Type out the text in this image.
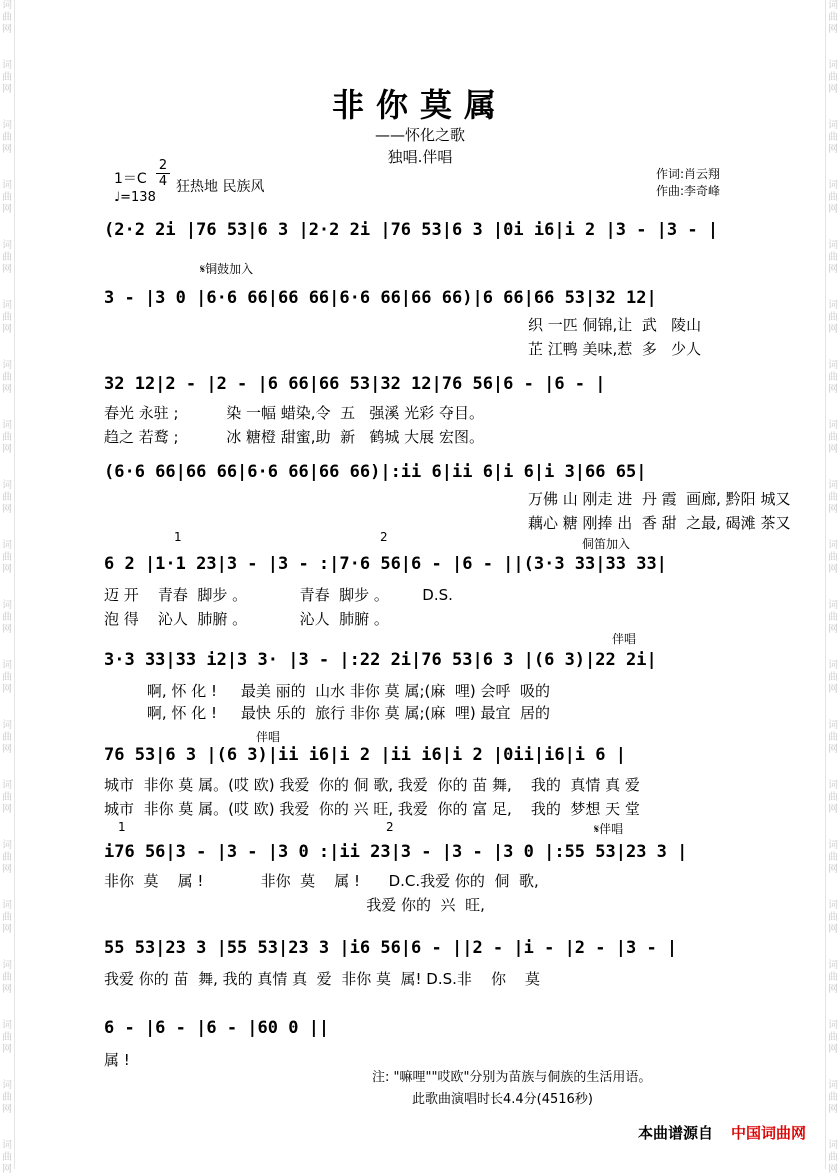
词曲网
词曲网
词曲网
词曲网
词曲网
词曲网
词曲网
词曲网
词曲网
词曲网
词曲网
词曲网
词曲网
词曲网
词曲网
词曲网
词曲网
词曲网
词曲网
词曲网
词曲网
词曲网
词曲网
词曲网
词曲网
词曲网
词曲网
词曲网
词曲网
词曲网
词曲网
词曲网
词曲网
词曲网
词曲网
词曲网
词曲网
词曲网
词曲网
词曲网
非你莫属
——怀化之歌
独唱.伴唱
1＝C
2
4 狂热地 民族风
♩=138
作词:肖云翔
作曲:李奇峰
𝄋铜鼓加入
1	2	侗笛加入
伴唱
伴唱
1	2	𝄋伴唱
(2·2 2i |76 53|6 3 |2·2 2i |76 53|6 3 |0i i6|i 2 |3 - |3 - |
3 - |3 0 |6·6 66|66 66|6·6 66|66 66)|6 66|66 53|32 12|
织 一匹 侗锦,让  武   陵山
芷 江鸭 美味,惹  多   少人
32 12|2 - |2 - |6 66|66 53|32 12|76 56|6 - |6 - |
春光 永驻 ;          染 一幅 蜡染,令  五   强溪 光彩 夺目。
趋之 若鹜 ;          冰 糖橙 甜蜜,助  新   鹤城 大展 宏图。
(6·6 66|66 66|6·6 66|66 66)|:ii 6|ii 6|i 6|i 3|66 65|
万佛 山 刚走 进  丹 霞  画廊, 黔阳 城又
藕心 糖 刚捧 出  香 甜  之最, 碣滩 茶又
6 2 |1·1 23|3 - |3 - :|7·6 56|6 - |6 - ||(3·3 33|33 33|
迈 开    青春  脚步 。           青春  脚步 。       D.S.
泡 得    沁人  肺腑 。           沁人  肺腑 。
3·3 33|33 i2|3 3· |3 - |:22 2i|76 53|6 3 |(6 3)|22 2i|
啊, 怀 化 !     最美 丽的  山水 非你 莫 属;(麻  哩) 会呼  吸的
啊, 怀 化 !     最快 乐的  旅行 非你 莫 属;(麻  哩) 最宜  居的
76 53|6 3 |(6 3)|ii i6|i 2 |ii i6|i 2 |0ii|i6|i 6 |
城市  非你 莫 属。(哎 欧) 我爱  你的 侗 歌, 我爱  你的 苗 舞,    我的  真情 真 爱
城市  非你 莫 属。(哎 欧) 我爱  你的 兴 旺, 我爱  你的 富 足,    我的  梦想 天 堂
i76 56|3 - |3 - |3 0 :|ii 23|3 - |3 - |3 0 |:55 53|23 3 |
非你  莫    属 !            非你  莫    属 !      D.C.我爱 你的  侗  歌,
我爱 你的  兴  旺,
55 53|23 3 |55 53|23 3 |i6 56|6 - ||2 - |i - |2 - |3 - |
我爱 你的 苗  舞, 我的 真情 真  爱  非你 莫  属! D.S.非    你    莫
6 - |6 - |6 - |60 0 ||
属 !
注: "嘛哩""哎欧"分别为苗族与侗族的生活用语。
此歌曲演唱时长4.4分(4516秒)
本曲谱源自 中国词曲网
